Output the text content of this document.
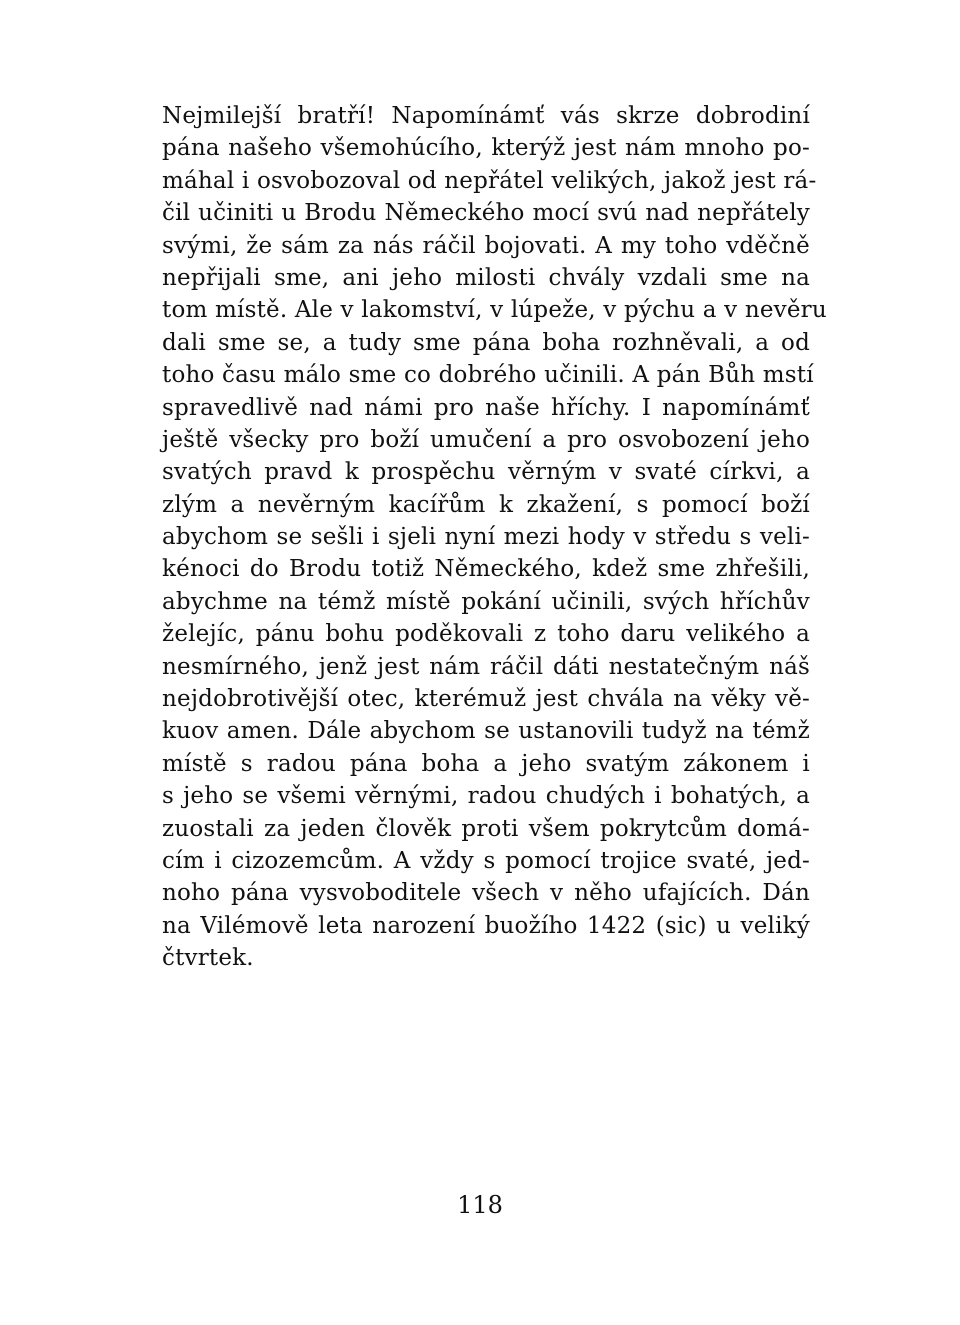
Nejmilejší bratří! Napomínámť vás skrze dobrodiní
pána našeho všemohúcího, kterýž jest nám mnoho po-
máhal i osvobozoval od nepřátel velikých, jakož jest rá-
čil učiniti u Brodu Německého mocí svú nad nepřátely
svými, že sám za nás ráčil bojovati. A my toho vděčně
nepřijali sme, ani jeho milosti chvály vzdali sme na
tom místě. Ale v lakomství, v lúpeže, v pýchu a v nevěru
dali sme se, a tudy sme pána boha rozhněvali, a od
toho času málo sme co dobrého učinili. A pán Bůh mstí
spravedlivě nad námi pro naše hříchy. I napomínámť
ještě všecky pro boží umučení a pro osvobození jeho
svatých pravd k prospěchu věrným v svaté církvi, a
zlým a nevěrným kacířům k zkažení, s pomocí boží
abychom se sešli i sjeli nyní mezi hody v středu s veli-
kénoci do Brodu totiž Německého, kdež sme zhřešili,
abychme na témž místě pokání učinili, svých hříchův
želejíc, pánu bohu poděkovali z toho daru velikého a
nesmírného, jenž jest nám ráčil dáti nestatečným náš
nejdobrotivější otec, kterémuž jest chvála na věky vě-
kuov amen. Dále abychom se ustanovili tudyž na témž
místě s radou pána boha a jeho svatým zákonem i
s jeho se všemi věrnými, radou chudých i bohatých, a
zuostali za jeden člověk proti všem pokrytcům domá-
cím i cizozemcům. A vždy s pomocí trojice svaté, jed-
noho pána vysvoboditele všech v něho ufajících. Dán
na Vilémově leta narození buožího 1422 (sic) u veliký
čtvrtek.
118
